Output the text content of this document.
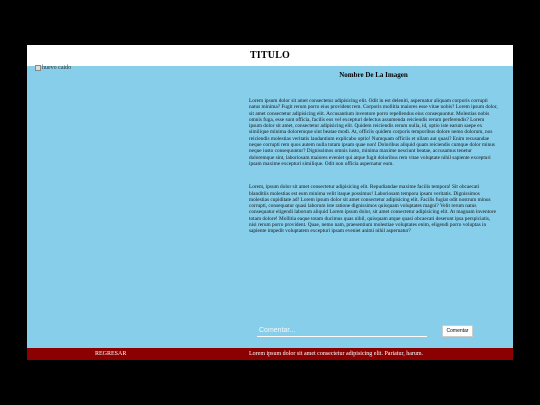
TITULO
huevo caido
Nombre De La Imagen

Lorem ipsum dolor sit amet consectetur adipisicing elit. Odit in est deleniti, aspernatur aliquam corporis corrupti natus minima? Fugit rerum porro eius provident rem. Corporis mollitia maiores esse vitae nobis? Lorem ipsum dolor, sit amet consectetur adipisicing elit. Accusantium inventore porro repellendus eius consequuntur. Molestias nobis omnis fuga, esse sunt officia, facilis eos vel excepturi delectus assumenda reiciendis rerum perferendis? Lorem ipsum dolor sit amet, consectetur adipisicing elit. Quidem reiciendis rerum nulla, id, optio iste earum saepe ex similique minima doloremque sint beatae modi. At, officiis quidem corporis temporibus dolore nemo dolorum, nos reiciendis molestias veritatis laudantium explicabo optio! Numquam officiis et ullam aut quasi? Enim recusandae neque corrupti rem quos autem nulla totam ipsam quae non! Doloribus aliquid quam reiciendis cumque dolor minus neque iusto consequuntur? Dignissimos omnis iusto, minima maxime nesciunt beatae, accusamus tenetur doloremque sint, laboriosam maiores eveniet qui atque fugit doloribus rem vitae voluptate nihil sapiente excepturi ipsam maxime excepturi similique. Odit non officia aspernatur eum.

Lorem, ipsum dolor sit amet consectetur adipisicing elit. Repudiandae maxime facilis tempora! Sit obcaecati blanditiis molestias est eum minima velit itaque possimus! Laboriosam tempora ipsam veritatis. Dignissimos molestias cupiditate ad! Lorem ipsum dolor sit amet consectetur adipisicing elit. Facilis fugiat odit nostrum minus corrupti, consequatur quasi laborum iste ratione dignissimos quisquam voluptates magni? Velit rerum natus consequatur eligendi laborum aliquid Lorem ipsum dolor, sit amet consectetur adipisicing elit. At magnam inventore totam dolore! Mollitia eaque totam ducimus quas nihil, quisquam atque quasi obcaecati deserunt ipsa perspiciatis, nisi rerum porro provident. Quae, nemo nam, praesentium molestiae voluptates enim, eligendi porro voluptas in sapiente impedit voluptatem excepturi ipsam eveniet animi nihil aspernatur?

Comentar...
Comentar
REGRESAR	Lorem ipsum dolor sit amet consectetur adipisicing elit. Pariatur, harum.
